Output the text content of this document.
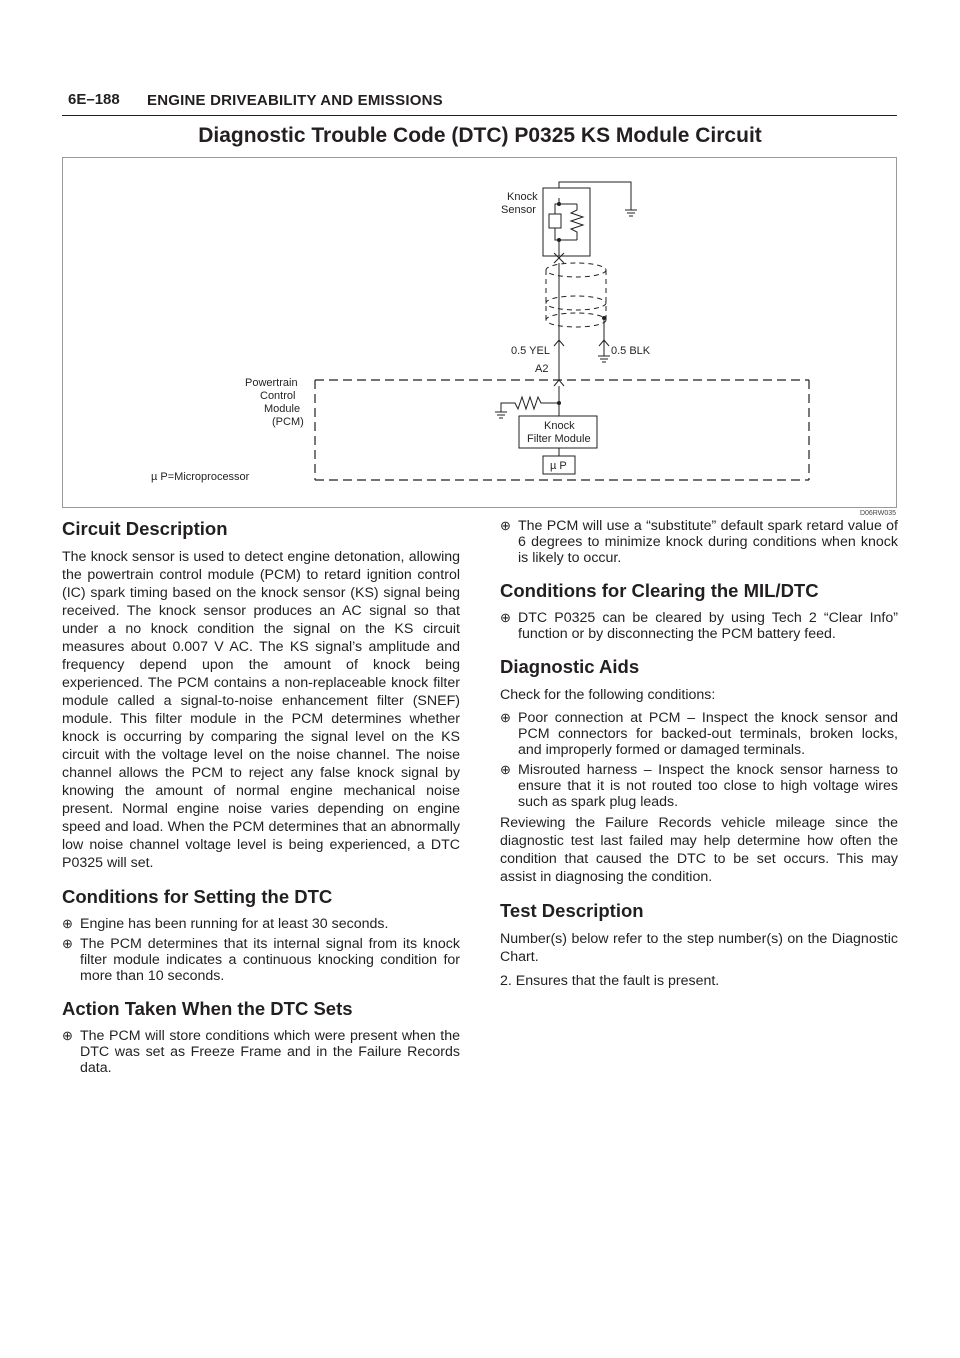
6E–188 ENGINE DRIVEABILITY AND EMISSIONS
Diagnostic Trouble Code (DTC) P0325 KS Module Circuit
Knock
Sensor
0.5 YEL	0.5 BLK
A2
Powertrain
Control
Module
(PCM)	Knock
Filter Module
µ P
µ P=Microprocessor
D06RW035
Circuit Description

The knock sensor is used to detect engine detonation, allowing the powertrain control module (PCM) to retard ignition control (IC) spark timing based on the knock sensor (KS) signal being received. The knock sensor produces an AC signal so that under a no knock condition the signal on the KS circuit measures about 0.007 V AC. The KS signal’s amplitude and frequency depend upon the amount of knock being experienced. The PCM contains a non-replaceable knock filter module called a signal-to-noise enhancement filter (SNEF) module. This filter module in the PCM determines whether knock is occurring by comparing the signal level on the KS circuit with the voltage level on the noise channel. The noise channel allows the PCM to reject any false knock signal by knowing the amount of normal engine mechanical noise present. Normal engine noise varies depending on engine speed and load. When the PCM determines that an abnormally low noise channel voltage level is being experienced, a DTC P0325 will set.

Conditions for Setting the DTC
⊕ Engine has been running for at least 30 seconds.
⊕ The PCM determines that its internal signal from its knock filter module indicates a continuous knocking condition for more than 10 seconds.
Action Taken When the DTC Sets
⊕ The PCM will store conditions which were present when the DTC was set as Freeze Frame and in the Failure Records data.
⊕ The PCM will use a “substitute” default spark retard value of 6 degrees to minimize knock during conditions when knock is likely to occur.
Conditions for Clearing the MIL/DTC
⊕ DTC P0325 can be cleared by using Tech 2 “Clear Info” function or by disconnecting the PCM battery feed.
Diagnostic Aids

Check for the following conditions:

⊕ Poor connection at PCM – Inspect the knock sensor and PCM connectors for backed-out terminals, broken locks, and improperly formed or damaged terminals.
⊕ Misrouted harness – Inspect the knock sensor harness to ensure that it is not routed too close to high voltage wires such as spark plug leads.

Reviewing the Failure Records vehicle mileage since the diagnostic test last failed may help determine how often the condition that caused the DTC to be set occurs. This may assist in diagnosing the condition.

Test Description

Number(s) below refer to the step number(s) on the Diagnostic Chart.

2. Ensures that the fault is present.
